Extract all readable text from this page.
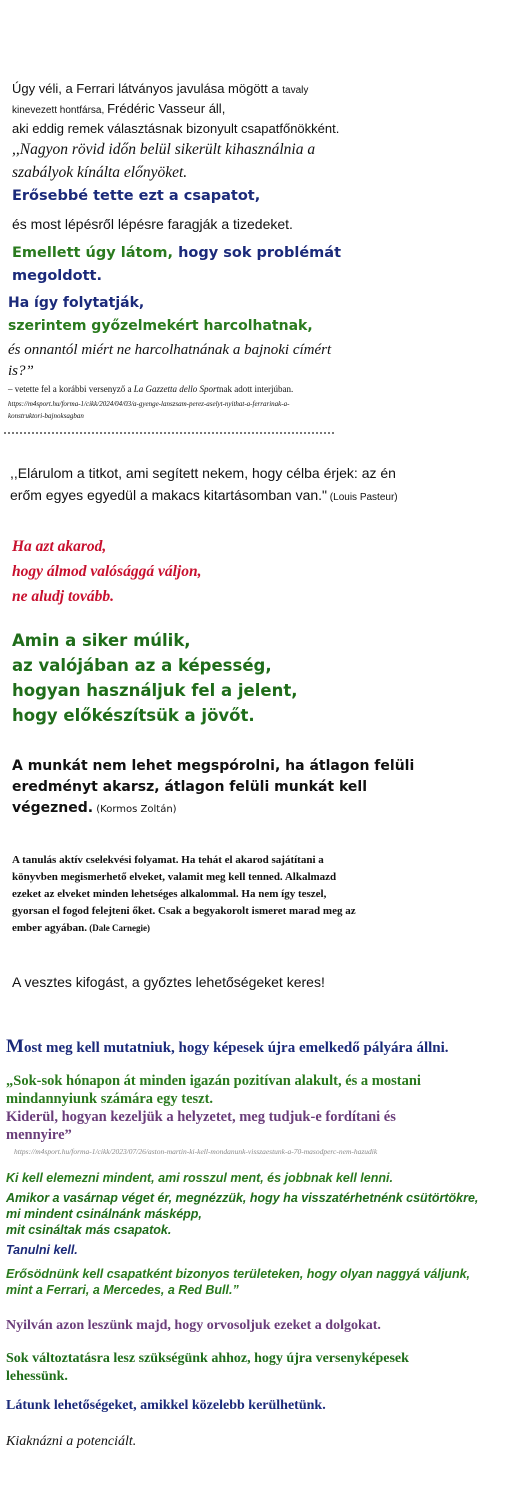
Úgy véli, a Ferrari látványos javulása mögött a tavaly
kinevezett hontfársa, Frédéric Vasseur áll,
aki eddig remek választásnak bizonyult csapatfőnökként.
,,Nagyon rövid időn belül sikerült kihasználnia a
szabályok kínálta előnyöket.
Erősebbé tette ezt a csapatot,
és most lépésről lépésre faragják a tizedeket.
Emellett úgy látom, hogy sok problémát
megoldott.
Ha így folytatják,
szerintem győzelmekért harcolhatnak,
és onnantól miért ne harcolhatnának a bajnoki címért
is?”
– vetette fel a korábbi versenyző a La Gazzetta dello Sportnak adott interjúban.
https://m4sport.hu/forma-1/cikk/2024/04/03/a-gyenge-lanszsam-perez-aselyt-nyithat-a-ferrarinak-a-
konstruktori-bajnoksagban
,,Elárulom a titkot, ami segített nekem, hogy célba érjek: az én
erőm egyes egyedül a makacs kitartásomban van." (Louis Pasteur)
Ha azt akarod,
hogy álmod valósággá váljon,
ne aludj tovább.
Amin a siker múlik,
az valójában az a képesség,
hogyan használjuk fel a jelent,
hogy előkészítsük a jövőt.
A munkát nem lehet megspórolni, ha átlagon felüli
eredményt akarsz, átlagon felüli munkát kell
végezned. (Kormos Zoltán)
A tanulás aktív cselekvési folyamat. Ha tehát el akarod sajátítani a
könyvben megismerhető elveket, valamit meg kell tenned. Alkalmazd
ezeket az elveket minden lehetséges alkalommal. Ha nem így teszel,
gyorsan el fogod felejteni őket. Csak a begyakorolt ismeret marad meg az
ember agyában. (Dale Carnegie)
A vesztes kifogást, a győztes lehetőségeket keres!
Most meg kell mutatniuk, hogy képesek újra emelkedő pályára állni.
„Sok-sok hónapon át minden igazán pozitívan alakult, és a mostani
mindannyiunk számára egy teszt.
Kiderül, hogyan kezeljük a helyzetet, meg tudjuk-e fordítani és
mennyire”
https://m4sport.hu/forma-1/cikk/2023/07/26/aston-martin-ki-kell-mondanunk-visszaestunk-a-70-masodperc-nem-hazudik
Ki kell elemezni mindent, ami rosszul ment, és jobbnak kell lenni.
Amikor a vasárnap véget ér, megnézzük, hogy ha visszatérhetnénk csütörtökre,
mi mindent csinálnánk másképp,
mit csináltak más csapatok.
Tanulni kell.
Erősödnünk kell csapatként bizonyos területeken, hogy olyan naggyá váljunk,
mint a Ferrari, a Mercedes, a Red Bull.”
Nyilván azon leszünk majd, hogy orvosoljuk ezeket a dolgokat.
Sok változtatásra lesz szükségünk ahhoz, hogy újra versenyképesek
lehessünk.
Látunk lehetőségeket, amikkel közelebb kerülhetünk.
Kiaknázni a potenciált.
